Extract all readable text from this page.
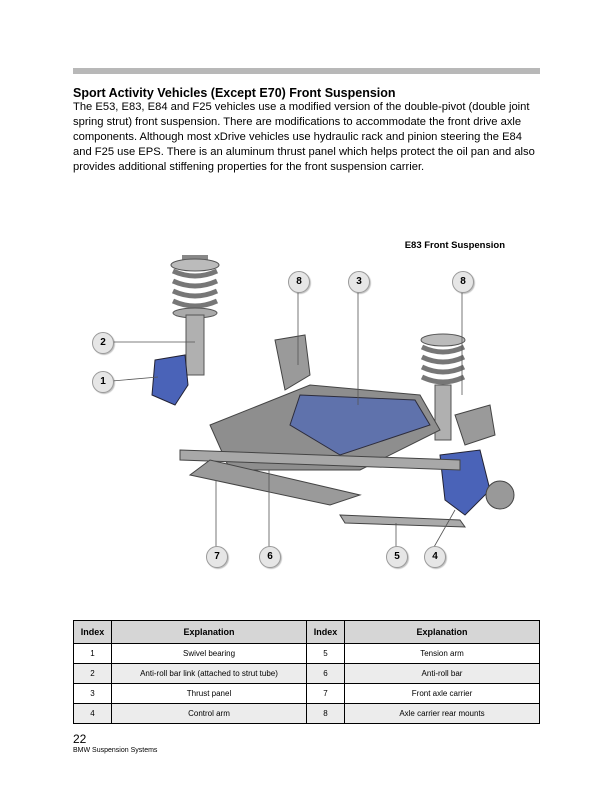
Sport Activity Vehicles (Except E70) Front Suspension
The E53, E83, E84 and F25 vehicles use a modified version of the double-pivot (double joint spring strut) front suspension. There are modifications to accommodate the front drive axle components. Although most xDrive vehicles use hydraulic rack and pinion steering the E84 and F25 use EPS. There is an aluminum thrust panel which helps protect the oil pan and also provides additional stiffening properties for the front suspension carrier.
E83 Front Suspension
2
1
8	3	8
7	6	5	4
Index	Explanation	Index	Explanation
1	Swivel bearing	5	Tension arm
2	Anti-roll bar link (attached to strut tube)	6	Anti-roll bar
3	Thrust panel	7	Front axle carrier
4	Control arm	8	Axle carrier rear mounts
22
BMW Suspension Systems
